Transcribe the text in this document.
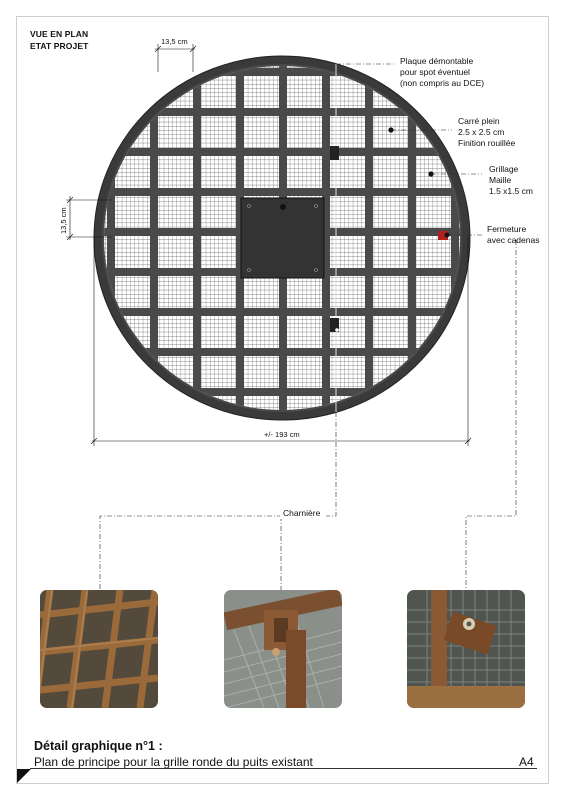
VUE EN PLAN
ETAT PROJET	13,5 cm
13,5 cm
+/- 193 cm
Plaque démontable
pour spot éventuel
(non compris au DCE)
Carré plein
2.5 x 2.5 cm
Finition rouillée
Grillage
Maille
1.5 x1.5 cm
Fermeture
avec cadenas
Charnière
Détail graphique n°1 :
Plan de principe pour la grille ronde du puits existant	A4
